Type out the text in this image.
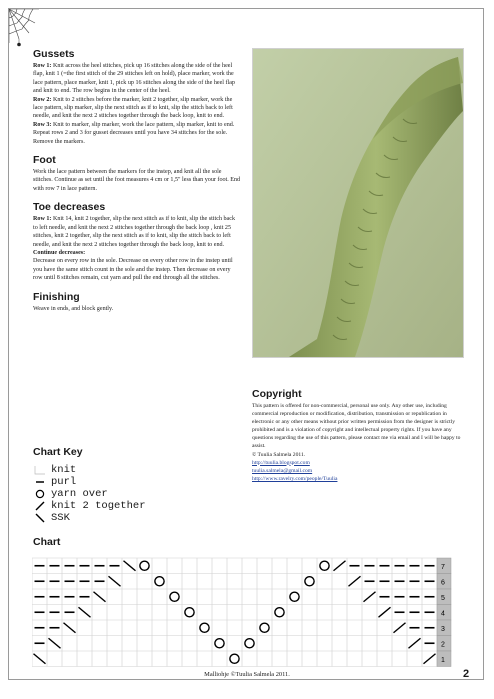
Gussets

Row 1: Knit across the heel stitches, pick up 16 stitches along the side of the heel flap, knit 1 (=the first stitch of the 29 stitches left on hold), place marker, work the lace pattern, place marker, knit 1, pick up 16 stitches along the side of the heel flap and knit to end. The row begins in the center of the heel.
Row 2: Knit to 2 stitches before the marker, knit 2 together, slip marker, work the lace pattern, slip marker, slip the next stitch as if to knit, slip the stitch back to left needle, and knit the next 2 stitches together through the back loop, knit to end.
Row 3: Knit to marker, slip marker, work the lace pattern, slip marker, knit to end.
Repeat rows 2 and 3 for gusset decreases until you have 34 stitches for the sole. Remove the markers.

Foot

Work the lace pattern between the markers for the instep, and knit all the sole stitches. Continue as set until the foot measures 4 cm or 1,5" less than your foot. End with row 7 in lace pattern.

Toe decreases

Row 1: Knit 14, knit 2 together, slip the next stitch as if to knit, slip the stitch back to left needle, and knit the next 2 stitches together through the back loop , knit 25 stitches, knit 2 together, slip the next stitch as if to knit, slip the stitch back to left needle, and knit the next 2 stitches together through the back loop, knit to end.
Continue decreases:
Decrease on every row in the sole. Decrease on every other row in the instep until you have the same stitch count in the sole and the instep. Then decrease on every row until 8 stitches remain, cut yarn and pull the end through all the stitches.

Finishing

Weave in ends, and block gently.

Copyright

This pattern is offered for non-commercial, personal use only. Any other use, including commercial reproduction or modification, distribution, transmission or republication in electronic or any other means without prior written permission from the designer is strictly prohibited and is a violation of copyright and intellectual property rights. If you have any questions regarding the use of this pattern, please contact me via email and I will be happy to assist.

© Tuulia Salmela 2011.

http://tuulia.blogspot.com

tuulia.salmela@gmail.com

http://www.ravelry.com/people/Tuulia

Chart Key
knit
purl
yarn over
knit 2 together
SSK
Chart
7
6
5
4
3
2
1
Malliohje ©Tuulia Salmela 2011.	2
